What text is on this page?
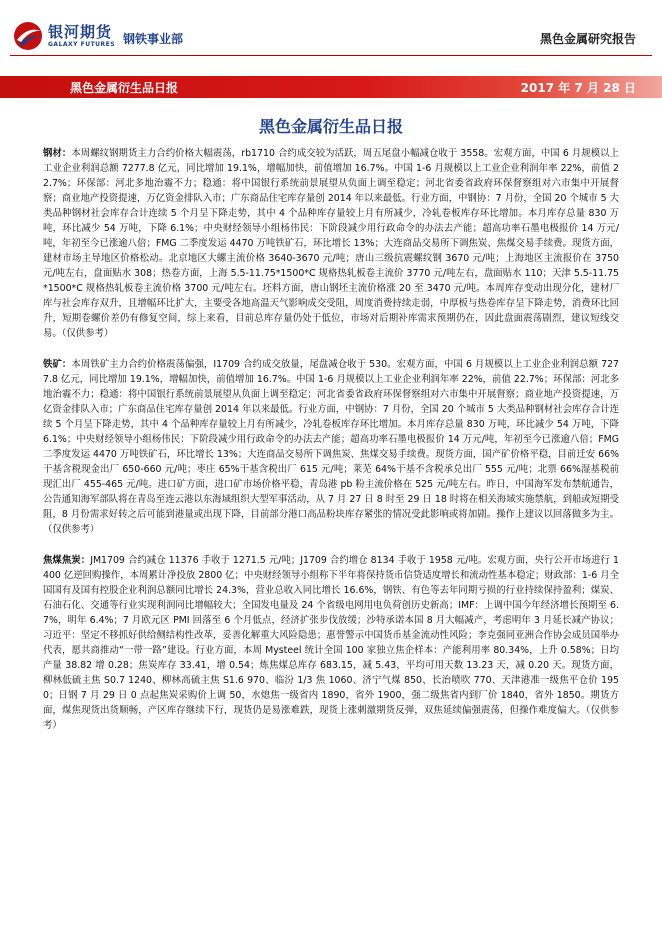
银河期货
GALAXY FUTURES 钢铁事业部	黑色金属研究报告
黑色金属衍生品日报	2017 年 7 月 28 日
黑色金属衍生品日报

钢材：本周螺纹钢期货主力合约价格大幅震荡，rb1710 合约成交较为活跃，周五尾盘小幅减仓收于 3558。宏观方面，中国 6 月规模以上工业企业利润总额 7277.8 亿元，同比增加 19.1%，增幅加快，前值增加 16.7%。中国 1-6 月规模以上工业企业利润年率 22%，前值 22.7%；环保部：河北多地治霾不力；稳通：将中国银行系统前景展望从负面上调至稳定；河北省委省政府环保督察组对六市集中开展督察；商业地产投资提速，万亿资金排队入市；广东商品住宅库存量创 2014 年以来最低。行业方面，中钢协：7 月份，全国 20 个城市 5 大类品种钢材社会库存合计连续 5 个月呈下降走势，其中 4 个品种库存量较上月有所减少，冷轧卷板库存环比增加。本月库存总量 830 万吨，环比减少 54 万吨，下降 6.1%；中央财经领导小组杨伟民：下阶段减少用行政命令的办法去产能；超高功率石墨电极报价 14 万元/吨，年初至今已涨逾八倍；FMG 二季度发运 4470 万吨铁矿石，环比增长 13%；大连商品交易所下调焦炭、焦煤交易手续费。现货方面，建材市场主导地区价格松动。北京地区大螺主流价格 3640-3670 元/吨；唐山三级抗震螺纹钢 3670 元/吨；上海地区主流报价在 3750 元/吨左右，盘面贴水 308；热卷方面，上海 5.5-11.75*1500*C 规格热轧板卷主流价 3770 元/吨左右，盘面贴水 110；天津 5.5-11.75*1500*C 规格热轧板卷主流价格 3700 元/吨左右。坯料方面，唐山钢坯主流价格涨 20 至 3470 元/吨。本周库存变动出现分化，建材厂库与社会库存双升，且增幅环比扩大，主要受各地高温天气影响成交受阻，周度消费持续走弱，中厚板与热卷库存呈下降走势，消费环比回升，短期卷螺价差仍有修复空间，综上来看，目前总库存量仍处于低位，市场对后期补库需求预期仍在，因此盘面震荡剧烈，建议短线交易。（仅供参考）

铁矿：本周铁矿主力合约价格震荡偏强，I1709 合约成交放量，尾盘减仓收于 530。宏观方面，中国 6 月规模以上工业企业利润总额 7277.8 亿元，同比增加 19.1%，增幅加快，前值增加 16.7%。中国 1-6 月规模以上工业企业利润年率 22%，前值 22.7%；环保部：河北多地治霾不力；稳通：将中国银行系统前景展望从负面上调至稳定；河北省委省政府环保督察组对六市集中开展督察；商业地产投资提速，万亿资金排队入市；广东商品住宅库存量创 2014 年以来最低。行业方面，中钢协：7 月份，全国 20 个城市 5 大类品种钢材社会库存合计连续 5 个月呈下降走势，其中 4 个品种库存量较上月有所减少，冷轧卷板库存环比增加。本月库存总量 830 万吨，环比减少 54 万吨，下降 6.1%；中央财经领导小组杨伟民：下阶段减少用行政命令的办法去产能；超高功率石墨电极报价 14 万元/吨，年初至今已涨逾八倍；FMG 二季度发运 4470 万吨铁矿石，环比增长 13%；大连商品交易所下调焦炭、焦煤交易手续费。现货方面，国产矿价格平稳，目前迁安 66%干基含税现金出厂 650-660 元/吨；枣庄 65%干基含税出厂 615 元/吨；莱芜 64%干基不含税承兑出厂 555 元/吨；北票 66%湿基税前现汇出厂 455-465 元/吨。进口矿方面，进口矿市场价格平稳，青岛港 pb 粉主流价格在 525 元/吨左右。昨日，中国海军发布禁航通告，公告通知海军部队将在青岛至连云港以东海域组织大型军事活动，从 7 月 27 日 8 时至 29 日 18 时将在相关海域实施禁航，到船或短期受阻，8 月份需求好转之后可能到港量或出现下降，目前部分港口高品粉块库存紧张的情况受此影响或将加剧。操作上建议以回落做多为主。（仅供参考）

焦煤焦炭：JM1709 合约减仓 11376 手收于 1271.5 元/吨；J1709 合约增仓 8134 手收于 1958 元/吨。宏观方面，央行公开市场进行 1400 亿逆回购操作，本周累计净投放 2800 亿；中央财经领导小组称下半年将保持货币信贷适度增长和流动性基本稳定；财政部：1-6 月全国国有及国有控股企业利润总额同比增长 24.3%，营业总收入同比增长 16.6%，钢铁、有色等去年同期亏损的行业持续保持盈利；煤炭、石油石化、交通等行业实现利润同比增幅较大；全国发电量及 24 个省级电网用电负荷创历史新高；IMF：上调中国今年经济增长预期至 6.7%，明年 6.4%；7 月欧元区 PMI 回落至 6 个月低点，经济扩张步伐放缓；沙特承诺本国 8 月大幅减产，考虑明年 3 月延长减产协议；习近平：坚定不移抓好供给侧结构性改革，妥善化解重大风险隐患；惠誉警示中国货币基金流动性风险；李克强同亚洲合作协会成员国举办代表，愿共商推动“一带一路”建设。行业方面，本周 Mysteel 统计全国 100 家独立焦企样本：产能利用率 80.34%，上升 0.58%；日均产量 38.82 增 0.28；焦炭库存 33.41，增 0.54；炼焦煤总库存 683.15，减 5.43，平均可用天数 13.23 天，减 0.20 天。现货方面，柳林低硫主焦 S0.7 1240、柳林高硫主焦 S1.6 970、临汾 1/3 焦 1060、济宁气煤 850、长治喷吹 770、天津港准一级焦平仓价 1950；日钢 7 月 29 日 0 点起焦炭采购价上调 50，水熄焦一级省内 1890，省外 1900，强二级焦省内到厂价 1840，省外 1850。期货方面，煤焦现货出货顺畅，产区库存继续下行，现货仍是易涨难跌，现货上涨刺激期货反弹，双焦延续偏强震荡，但操作难度偏大。（仅供参考）
